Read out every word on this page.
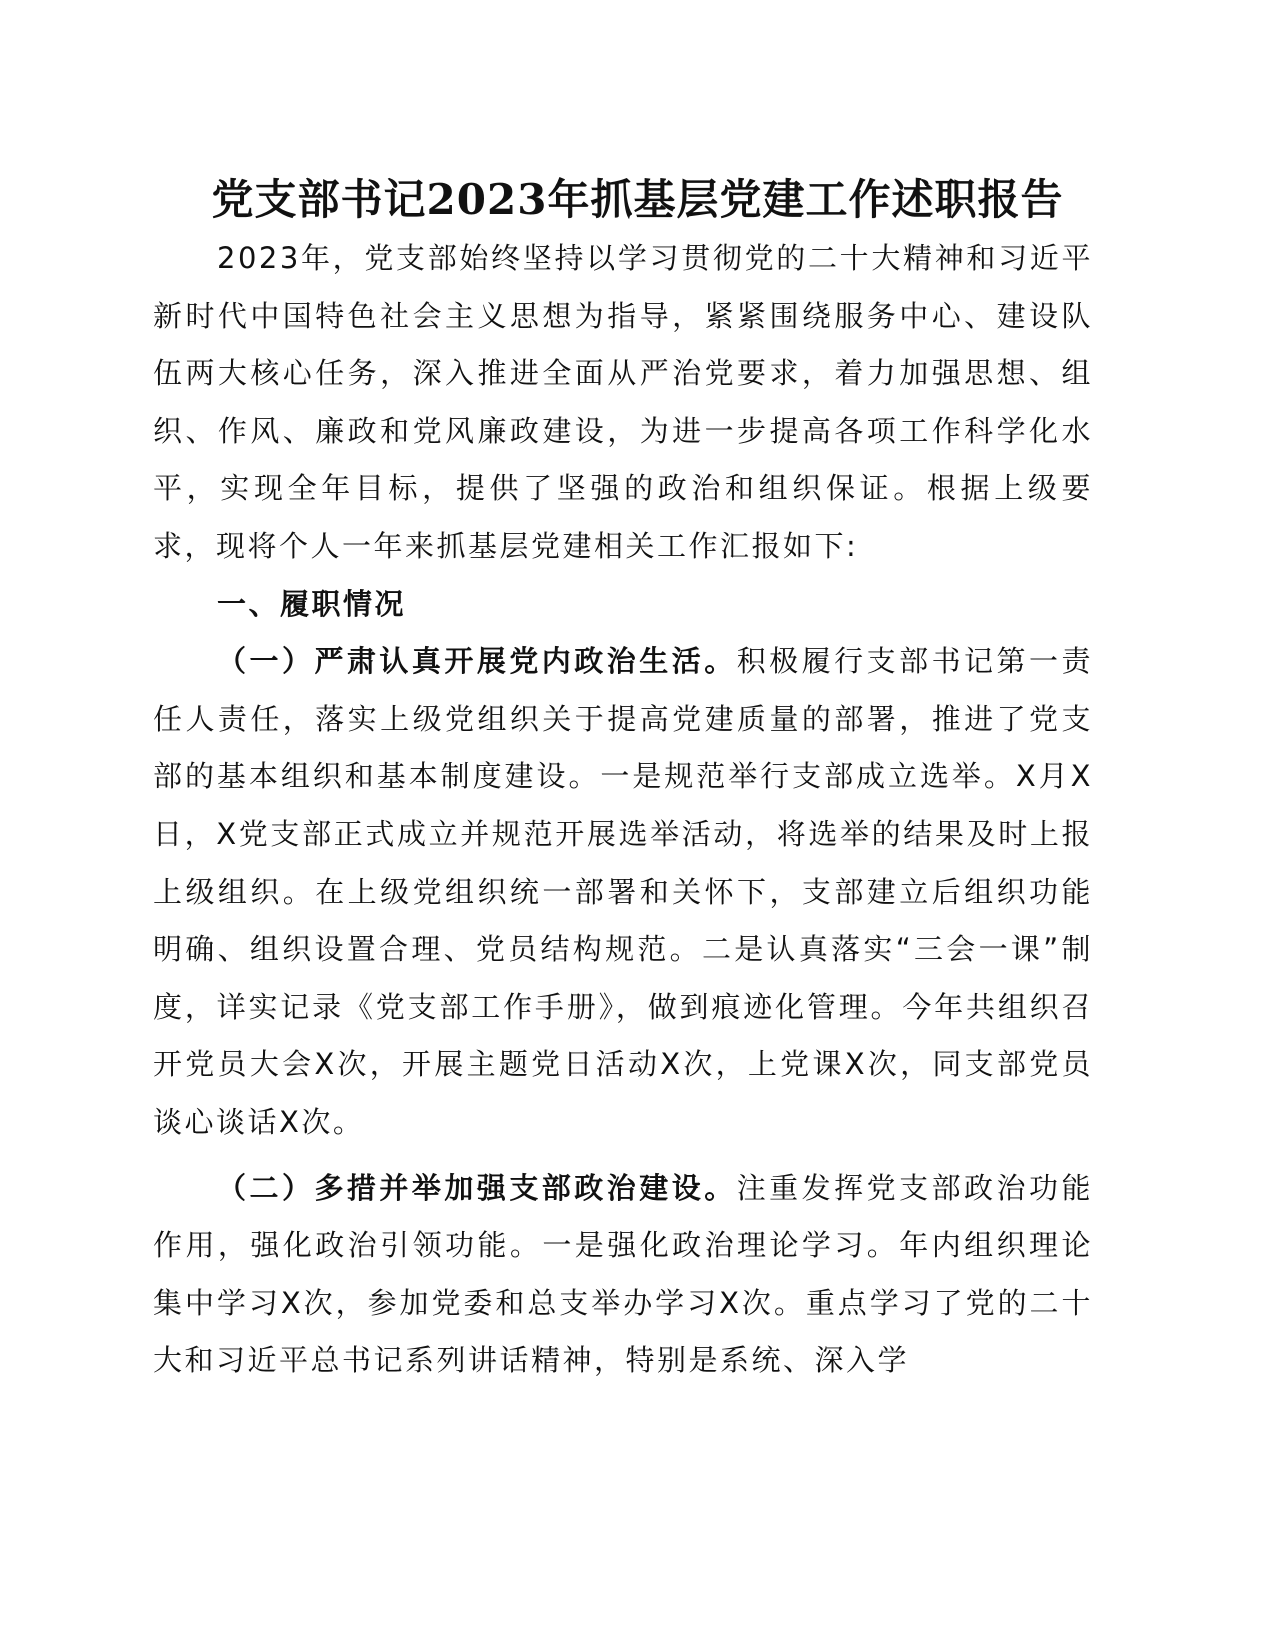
党支部书记2023年抓基层党建工作述职报告

2023年，党支部始终坚持以学习贯彻党的二十大精神和习近平新时代中国特色社会主义思想为指导，紧紧围绕服务中心、建设队伍两大核心任务，深入推进全面从严治党要求，着力加强思想、组织、作风、廉政和党风廉政建设，为进一步提高各项工作科学化水平，实现全年目标，提供了坚强的政治和组织保证。根据上级要求，现将个人一年来抓基层党建相关工作汇报如下:

一、履职情况

（一）严肃认真开展党内政治生活。积极履行支部书记第一责任人责任，落实上级党组织关于提高党建质量的部署，推进了党支部的基本组织和基本制度建设。一是规范举行支部成立选举。X月X日，X党支部正式成立并规范开展选举活动，将选举的结果及时上报上级组织。在上级党组织统一部署和关怀下，支部建立后组织功能明确、组织设置合理、党员结构规范。二是认真落实“三会一课”制度，详实记录《党支部工作手册》，做到痕迹化管理。今年共组织召开党员大会X次，开展主题党日活动X次，上党课X次，同支部党员谈心谈话X次。

（二）多措并举加强支部政治建设。注重发挥党支部政治功能作用，强化政治引领功能。一是强化政治理论学习。年内组织理论集中学习X次，参加党委和总支举办学习X次。重点学习了党的二十大和习近平总书记系列讲话精神，特别是系统、深入学
